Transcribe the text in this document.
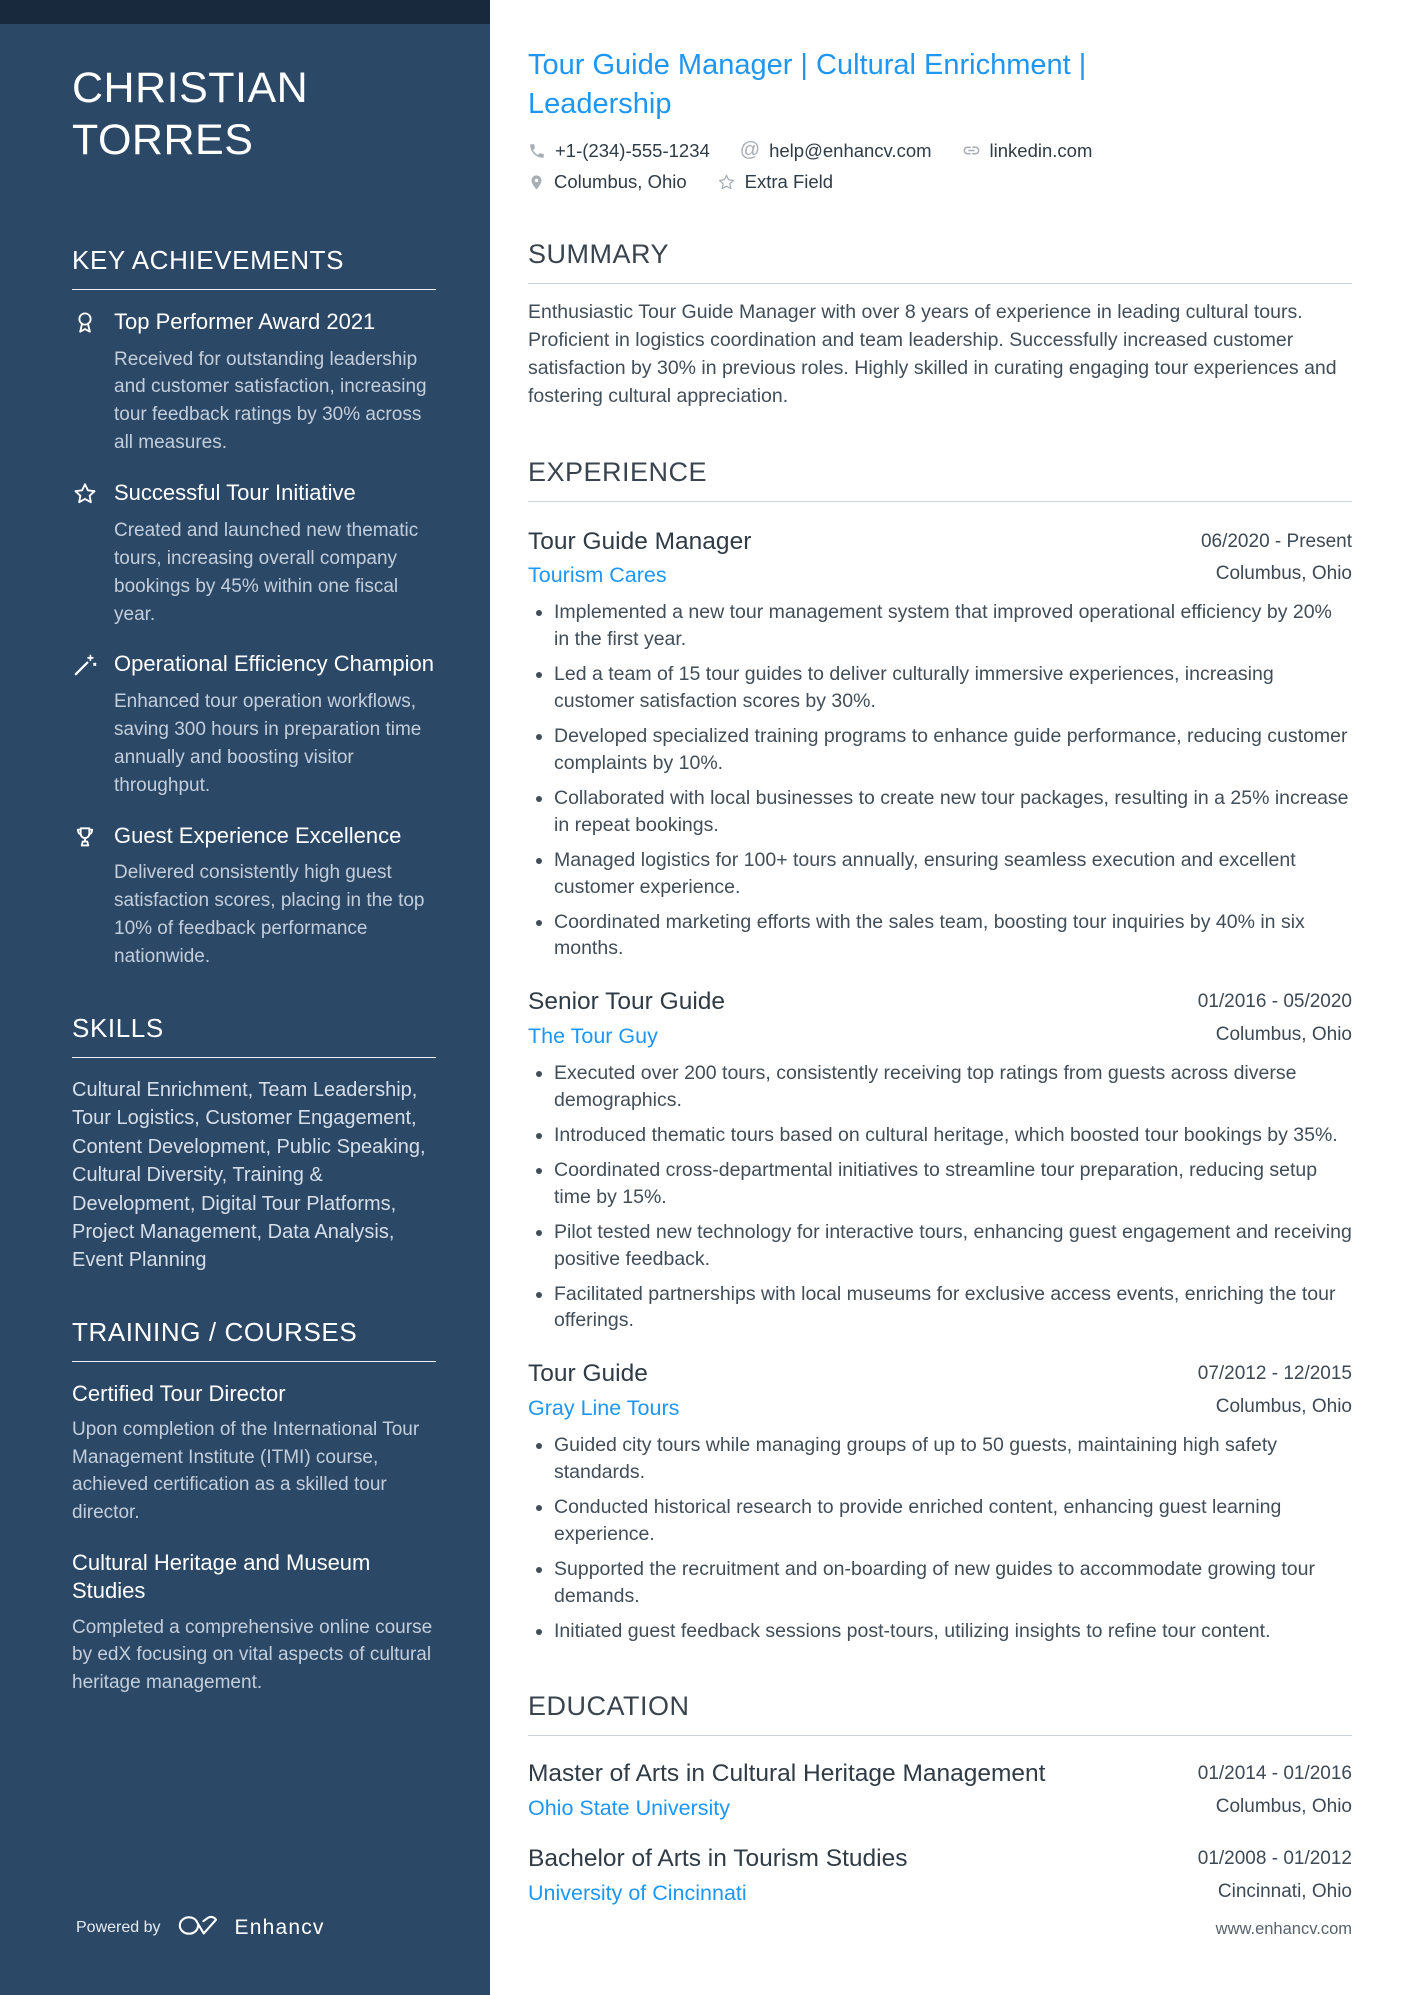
CHRISTIAN TORRES
KEY ACHIEVEMENTS
Top Performer Award 2021

Received for outstanding leadership and customer satisfaction, increasing tour feedback ratings by 30% across all measures.

Successful Tour Initiative

Created and launched new thematic tours, increasing overall company bookings by 45% within one fiscal year.

Operational Efficiency Champion

Enhanced tour operation workflows, saving 300 hours in preparation time annually and boosting visitor throughput.

Guest Experience Excellence

Delivered consistently high guest satisfaction scores, placing in the top 10% of feedback performance nationwide.

SKILLS

Cultural Enrichment, Team Leadership, Tour Logistics, Customer Engagement, Content Development, Public Speaking, Cultural Diversity, Training & Development, Digital Tour Platforms, Project Management, Data Analysis, Event Planning

TRAINING / COURSES
Certified Tour Director

Upon completion of the International Tour Management Institute (ITMI) course, achieved certification as a skilled tour director.

Cultural Heritage and Museum Studies

Completed a comprehensive online course by edX focusing on vital aspects of cultural heritage management.

Powered by	Enhancv
Tour Guide Manager | Cultural Enrichment | Leadership
+1-(234)-555-1234 @ help@enhancv.com	linkedin.com
Columbus, Ohio	Extra Field
SUMMARY

Enthusiastic Tour Guide Manager with over 8 years of experience in leading cultural tours. Proficient in logistics coordination and team leadership. Successfully increased customer satisfaction by 30% in previous roles. Highly skilled in curating engaging tour experiences and fostering cultural appreciation.

EXPERIENCE
Tour Guide Manager	06/2020 - Present
Tourism Cares	Columbus, Ohio
• Implemented a new tour management system that improved operational efficiency by 20% in the first year.
• Led a team of 15 tour guides to deliver culturally immersive experiences, increasing customer satisfaction scores by 30%.
• Developed specialized training programs to enhance guide performance, reducing customer complaints by 10%.
• Collaborated with local businesses to create new tour packages, resulting in a 25% increase in repeat bookings.
• Managed logistics for 100+ tours annually, ensuring seamless execution and excellent customer experience.
• Coordinated marketing efforts with the sales team, boosting tour inquiries by 40% in six months.
Senior Tour Guide	01/2016 - 05/2020
The Tour Guy	Columbus, Ohio
• Executed over 200 tours, consistently receiving top ratings from guests across diverse demographics.
• Introduced thematic tours based on cultural heritage, which boosted tour bookings by 35%.
• Coordinated cross-departmental initiatives to streamline tour preparation, reducing setup time by 15%.
• Pilot tested new technology for interactive tours, enhancing guest engagement and receiving positive feedback.
• Facilitated partnerships with local museums for exclusive access events, enriching the tour offerings.
Tour Guide	07/2012 - 12/2015
Gray Line Tours	Columbus, Ohio
• Guided city tours while managing groups of up to 50 guests, maintaining high safety standards.
• Conducted historical research to provide enriched content, enhancing guest learning experience.
• Supported the recruitment and on-boarding of new guides to accommodate growing tour demands.
• Initiated guest feedback sessions post-tours, utilizing insights to refine tour content.
EDUCATION
Master of Arts in Cultural Heritage Management	01/2014 - 01/2016
Ohio State University	Columbus, Ohio
Bachelor of Arts in Tourism Studies	01/2008 - 01/2012
University of Cincinnati	Cincinnati, Ohio
www.enhancv.com
